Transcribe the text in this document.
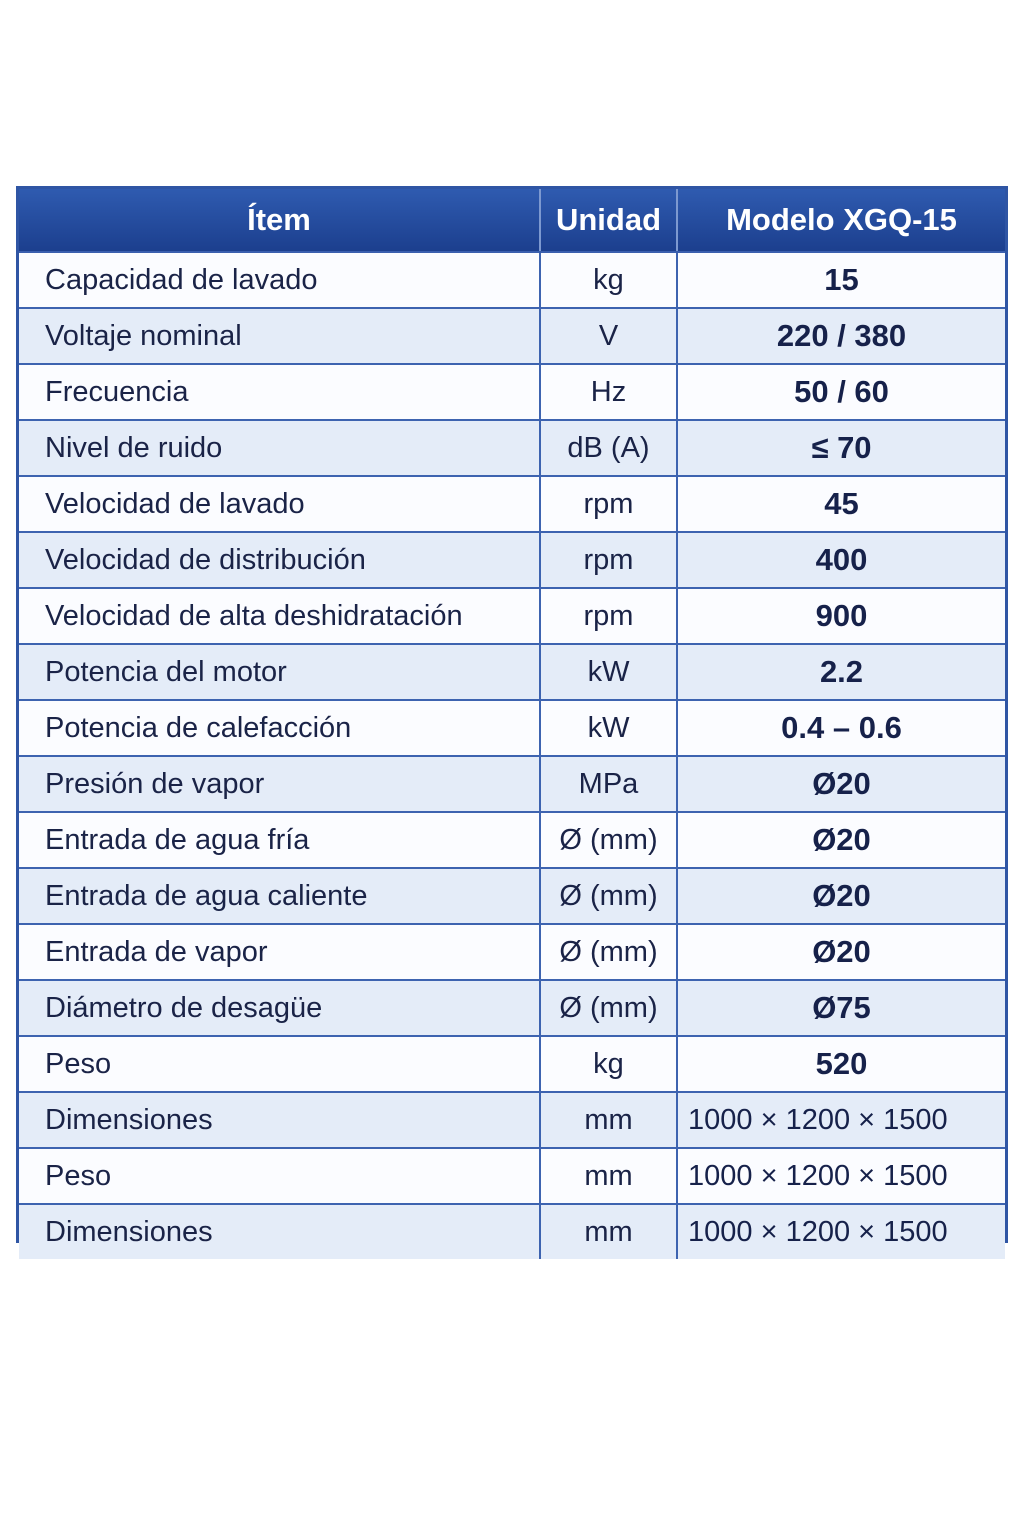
Ítem	Unidad	Modelo XGQ-15
Capacidad de lavado	kg	15
Voltaje nominal	V	220 / 380
Frecuencia	Hz	50 / 60
Nivel de ruido	dB (A)	≤ 70
Velocidad de lavado	rpm	45
Velocidad de distribución	rpm	400
Velocidad de alta deshidratación	rpm	900
Potencia del motor	kW	2.2
Potencia de calefacción	kW	0.4 – 0.6
Presión de vapor	MPa	Ø20
Entrada de agua fría	Ø (mm)	Ø20
Entrada de agua caliente	Ø (mm)	Ø20
Entrada de vapor	Ø (mm)	Ø20
Diámetro de desagüe	Ø (mm)	Ø75
Peso	kg	520
Dimensiones	mm	1000 × 1200 × 1500
Peso	mm	1000 × 1200 × 1500
Dimensiones	mm	1000 × 1200 × 1500
